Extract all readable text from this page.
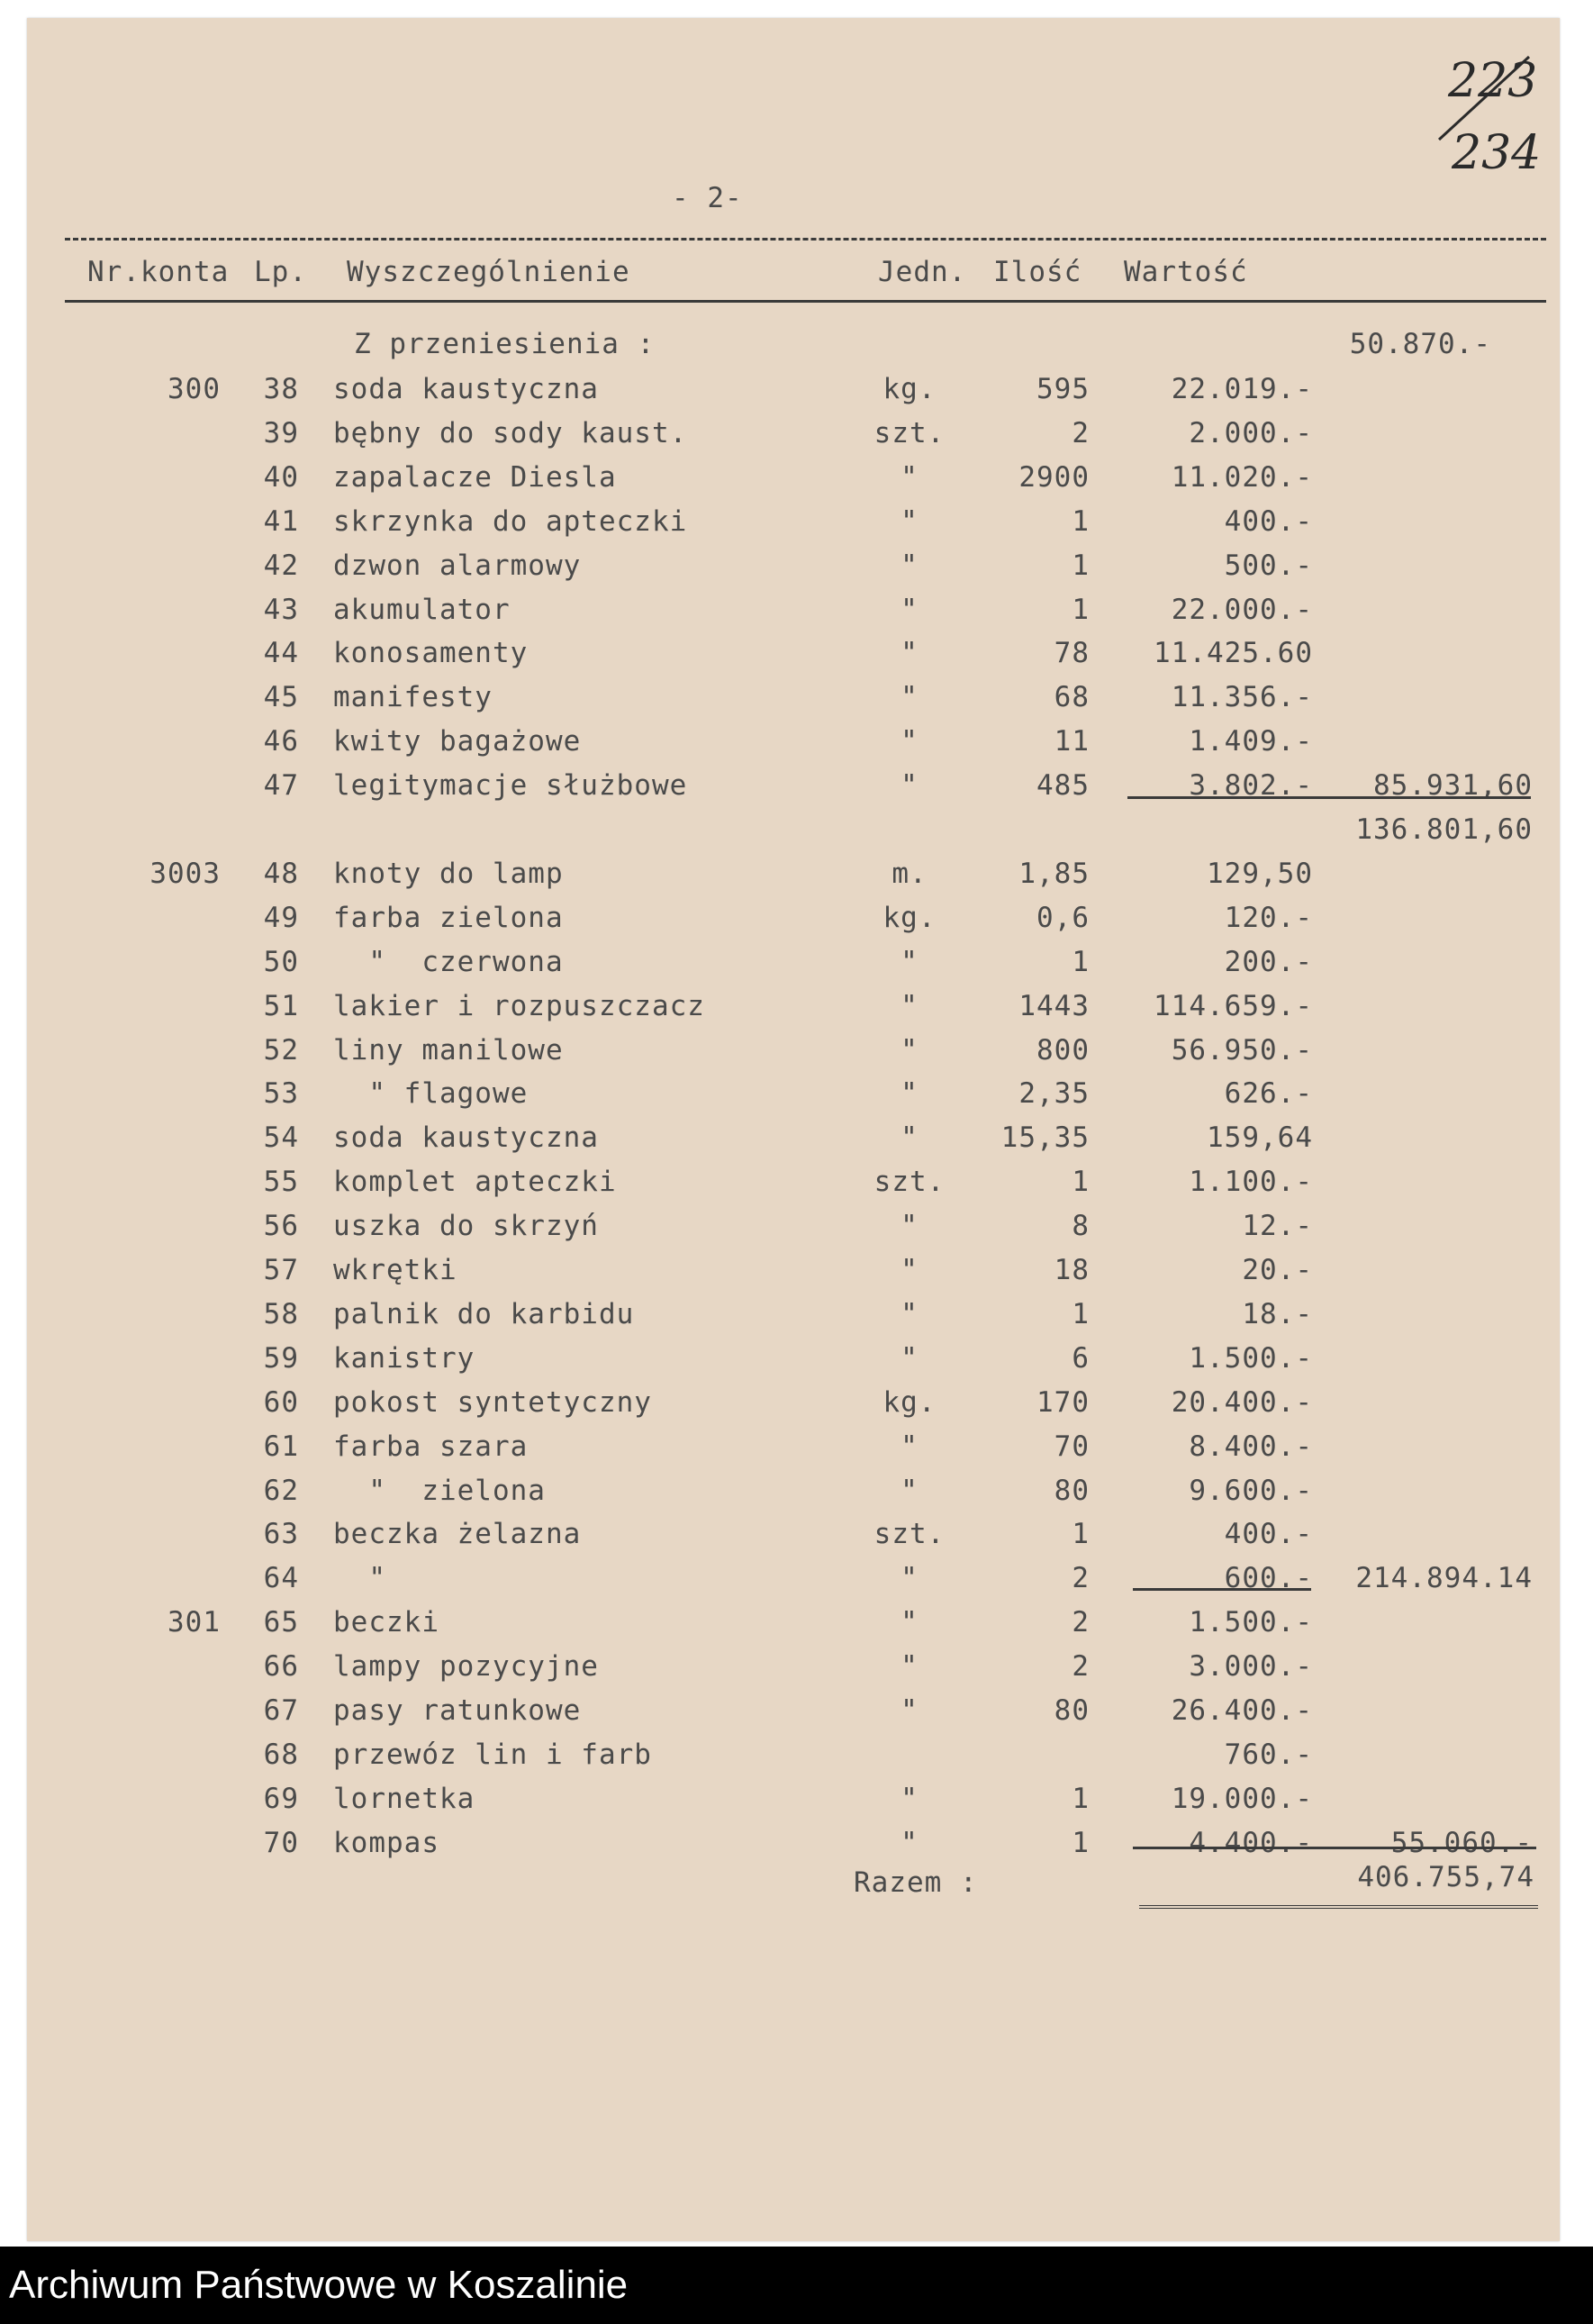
223
234
- 2-
Nr.konta Lp. Wyszczególnienie	Jedn. Ilość Wartość
Z przeniesienia :	50.870.-
300	38 soda kaustyczna	kg.	595	22.019.-
39 bębny do sody kaust.	szt.	2	2.000.-
40 zapalacze Diesla	"	2900	11.020.-
41 skrzynka do apteczki	"	1	400.-
42 dzwon alarmowy	"	1	500.-
43 akumulator	"	1	22.000.-
44 konosamenty	"	78	11.425.60
45 manifesty	"	68	11.356.-
46 kwity bagażowe	"	11	1.409.-
47 legitymacje służbowe	"	485	3.802.-	85.931,60
136.801,60
3003	48 knoty do lamp	m.	1,85	129,50
49 farba zielona	kg.	0,6	120.-
50 "  czerwona	"	1	200.-
51 lakier i rozpuszczacz	"	1443	114.659.-
52 liny manilowe	"	800	56.950.-
53 " flagowe	"	2,35	626.-
54 soda kaustyczna	"	15,35	159,64
55 komplet apteczki	szt.	1	1.100.-
56 uszka do skrzyń	"	8	12.-
57 wkrętki	"	18	20.-
58 palnik do karbidu	"	1	18.-
59 kanistry	"	6	1.500.-
60 pokost syntetyczny	kg.	170	20.400.-
61 farba szara	"	70	8.400.-
62 "  zielona	"	80	9.600.-
63 beczka żelazna	szt.	1	400.-
64 "	"	2	600.-	214.894.14
301	65 beczki	"	2	1.500.-
66 lampy pozycyjne	"	2	3.000.-
67 pasy ratunkowe	"	80	26.400.-
68 przewóz lin i farb	760.-
69 lornetka	"	1	19.000.-
70 kompas	"	1	4.400.-	55.060.-
Razem :	406.755,74
Archiwum Państwowe w Koszalinie
